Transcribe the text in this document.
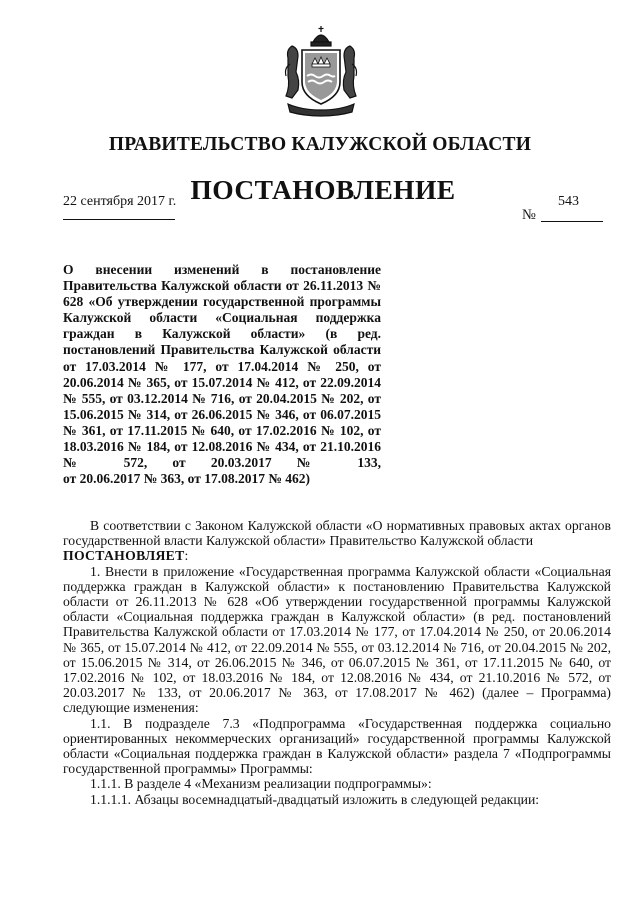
ПРАВИТЕЛЬСТВО КАЛУЖСКОЙ ОБЛАСТИ
22 сентября 2017 г. ПОСТАНОВЛЕНИЕ	543
№

О внесении изменений в постановление Правительства Калужской области от 26.11.2013 № 628 «Об утверждении государственной программы Калужской области «Социальная поддержка граждан в Калужской области» (в ред. постановлений Правительства Калужской области от 17.03.2014 № 177, от 17.04.2014 № 250, от 20.06.2014 № 365, от 15.07.2014 № 412, от 22.09.2014 № 555, от 03.12.2014 № 716, от 20.04.2015 № 202, от 15.06.2015 № 314, от 26.06.2015 № 346, от 06.07.2015 № 361, от 17.11.2015 № 640, от 17.02.2016 № 102, от 18.03.2016 № 184, от 12.08.2016 № 434, от 21.10.2016 № 572, от 20.03.2017 № 133,
от 20.06.2017 № 363, от 17.08.2017 № 462)

В соответствии с Законом Калужской области «О нормативных правовых актах органов государственной власти Калужской области» Правительство Калужской области
ПОСТАНОВЛЯЕТ:

1. Внести в приложение «Государственная программа Калужской области «Социальная поддержка граждан в Калужской области» к постановлению Правительства Калужской области от 26.11.2013 № 628 «Об утверждении государственной программы Калужской области «Социальная поддержка граждан в Калужской области» (в ред. постановлений Правительства Калужской области от 17.03.2014 № 177, от 17.04.2014 № 250, от 20.06.2014 № 365, от 15.07.2014 № 412, от 22.09.2014 № 555, от 03.12.2014 № 716, от 20.04.2015 № 202, от 15.06.2015 № 314, от 26.06.2015 № 346, от 06.07.2015 № 361, от 17.11.2015 № 640, от 17.02.2016 № 102, от 18.03.2016 № 184, от 12.08.2016 № 434, от 21.10.2016 № 572, от 20.03.2017 № 133, от 20.06.2017 № 363, от 17.08.2017 № 462) (далее – Программа) следующие изменения:

1.1. В подразделе 7.3 «Подпрограмма «Государственная поддержка социально ориентированных некоммерческих организаций» государственной программы Калужской области «Социальная поддержка граждан в Калужской области» раздела 7 «Подпрограммы государственной программы» Программы:

1.1.1. В разделе 4 «Механизм реализации подпрограммы»:

1.1.1.1. Абзацы восемнадцатый-двадцатый изложить в следующей редакции:
